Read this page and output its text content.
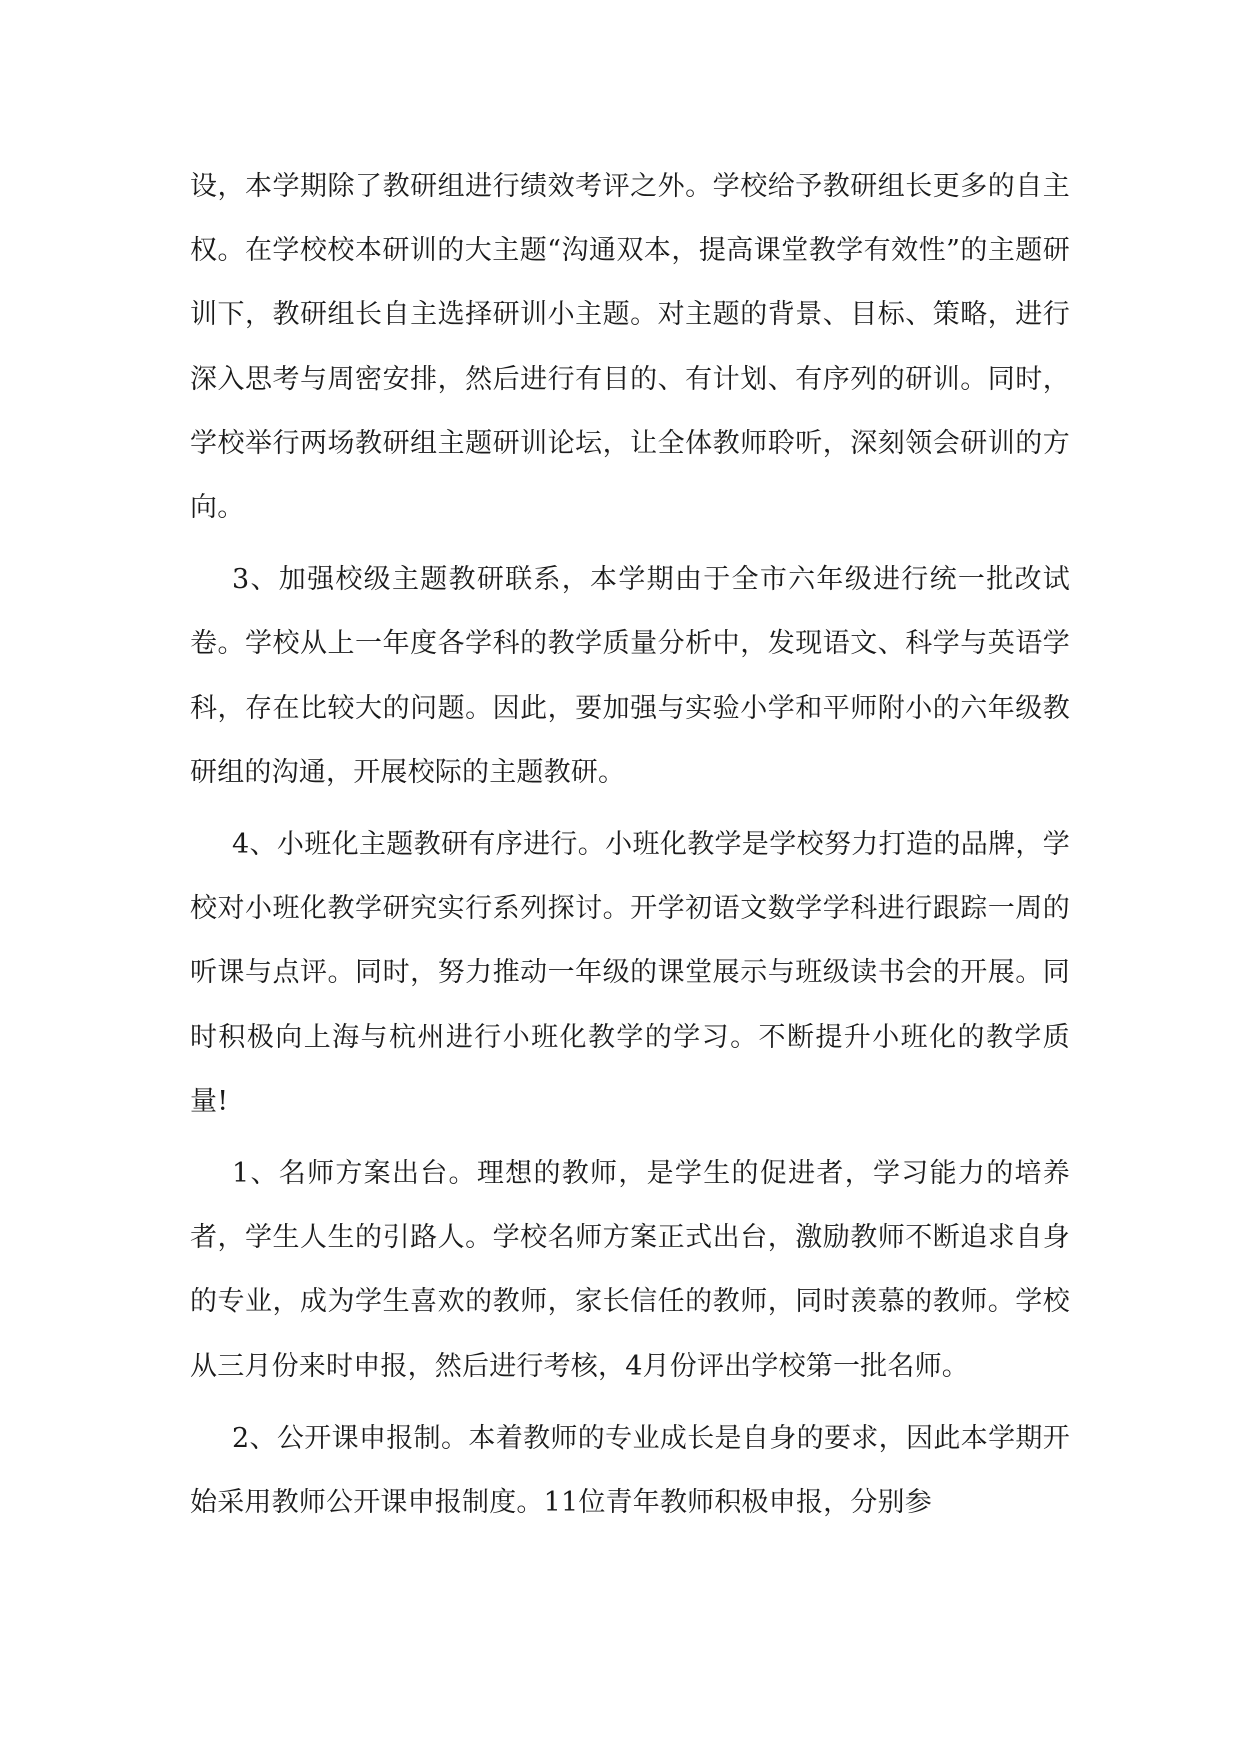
设，本学期除了教研组进行绩效考评之外。学校给予教研组长更多的自主权。在学校校本研训的大主题“沟通双本，提高课堂教学有效性”的主题研训下，教研组长自主选择研训小主题。对主题的背景、目标、策略，进行深入思考与周密安排，然后进行有目的、有计划、有序列的研训。同时，学校举行两场教研组主题研训论坛，让全体教师聆听，深刻领会研训的方向。

3、加强校级主题教研联系，本学期由于全市六年级进行统一批改试卷。学校从上一年度各学科的教学质量分析中，发现语文、科学与英语学科，存在比较大的问题。因此，要加强与实验小学和平师附小的六年级教研组的沟通，开展校际的主题教研。

4、小班化主题教研有序进行。小班化教学是学校努力打造的品牌，学校对小班化教学研究实行系列探讨。开学初语文数学学科进行跟踪一周的听课与点评。同时，努力推动一年级的课堂展示与班级读书会的开展。同时积极向上海与杭州进行小班化教学的学习。不断提升小班化的教学质量!

1、名师方案出台。理想的教师，是学生的促进者，学习能力的培养者，学生人生的引路人。学校名师方案正式出台，激励教师不断追求自身的专业，成为学生喜欢的教师，家长信任的教师，同时羡慕的教师。学校从三月份来时申报，然后进行考核，4月份评出学校第一批名师。

2、公开课申报制。本着教师的专业成长是自身的要求，因此本学期开始采用教师公开课申报制度。11位青年教师积极申报，分别参
